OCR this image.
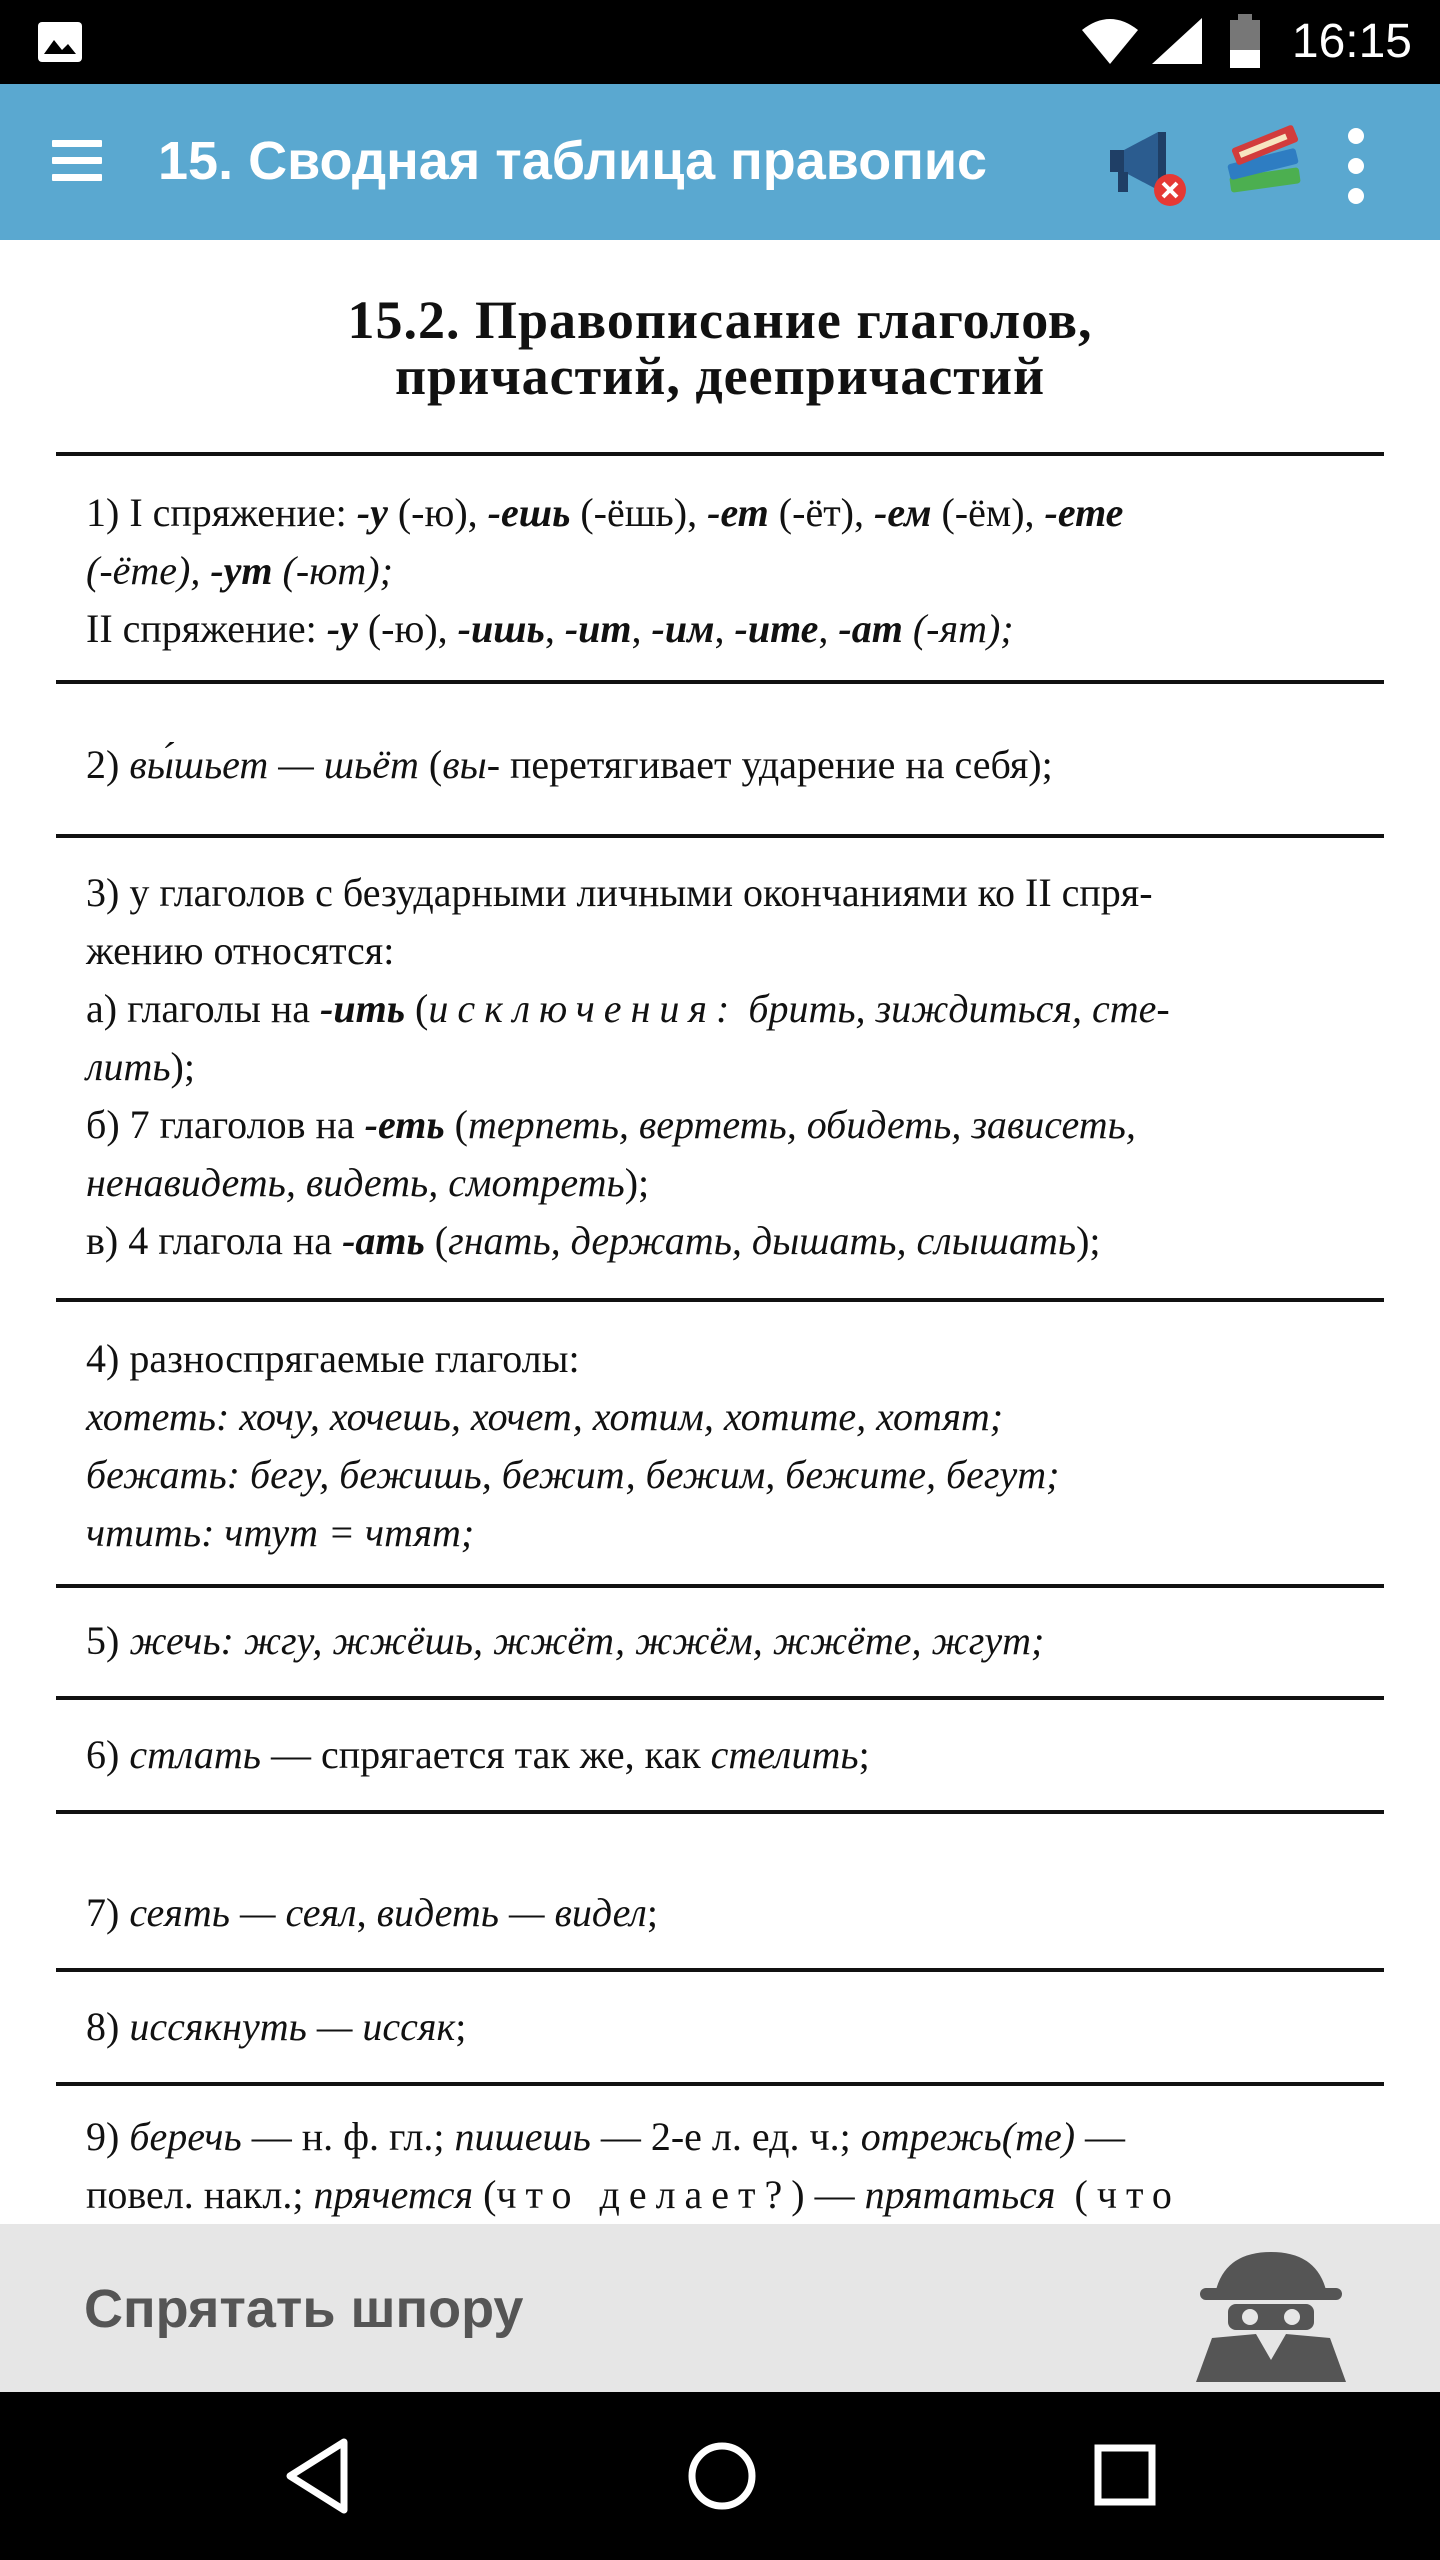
16:15
15. Сводная таблица правопис
15.2. Правописание глаголов,
причастий, деепричастий

1) I спряжение: -у (-ю), -ешь (-ёшь), -ет (-ёт), -ем (-ём), -ете

(-ёте), -ут (-ют);

II спряжение: -у (-ю), -ишь, -ит, -им, -ите, -ат (-ят);

2) вы́шьет — шьёт (вы- перетягивает ударение на себя);

3) у глаголов с безударными личными окончаниями ко II спря-

жению относятся:

а) глаголы на -ить (исключения: брить, зиждиться, сте-

лить);

б) 7 глаголов на -еть (терпеть, вертеть, обидеть, зависеть,

ненавидеть, видеть, смотреть);

в) 4 глагола на -ать (гнать, держать, дышать, слышать);

4) разноспрягаемые глаголы:

хотеть: хочу, хочешь, хочет, хотим, хотите, хотят;

бежать: бегу, бежишь, бежит, бежим, бежите, бегут;

чтить: чтут = чтят;

5) жечь: жгу, жжёшь, жжёт, жжём, жжёте, жгут;

6) стлать — спрягается так же, как стелить;

7) сеять — сеял, видеть — видел;

8) иссякнуть — иссяк;

9) беречь — н. ф. гл.; пишешь — 2-е л. ед. ч.; отрежь(те) —

повел. накл.; прячется (что делает?) — прятаться (что

Спрятать шпору
